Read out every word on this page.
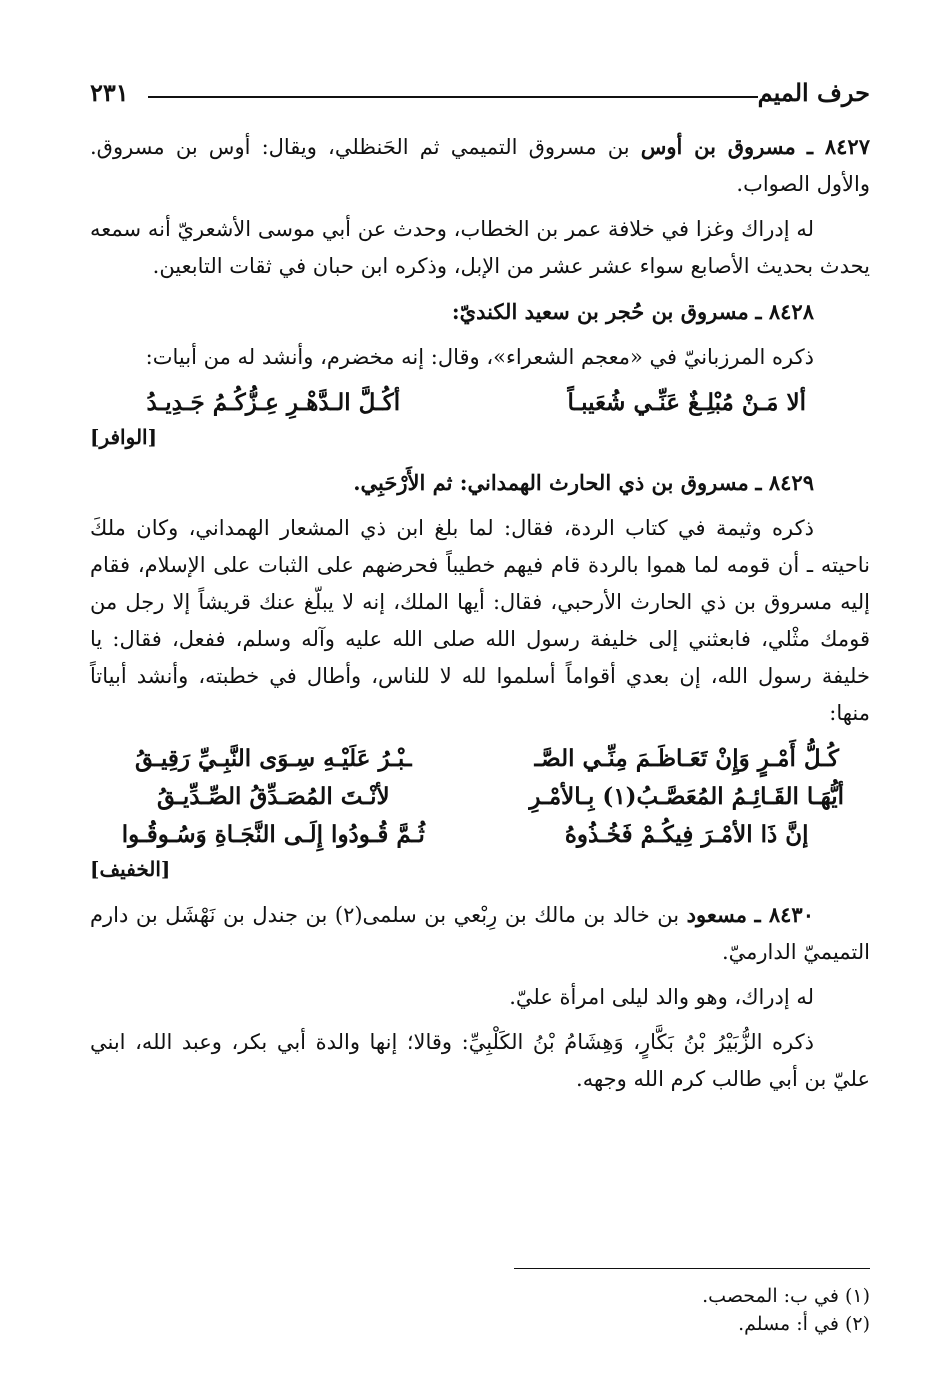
٢٣١	حرف الميم

٨٤٢٧ ـ مسروق بن أوس بن مسروق التميمي ثم الحَنظلي، ويقال: أوس بن مسروق. والأول الصواب.

له إدراك وغزا في خلافة عمر بن الخطاب، وحدث عن أبي موسى الأشعريّ أنه سمعه يحدث بحديث الأصابع سواء عشر عشر من الإبل، وذكره ابن حبان في ثقات التابعين.

٨٤٢٨ ـ مسروق بن حُجر بن سعيد الكنديّ:

ذكره المرزبانيّ في «معجم الشعراء»، وقال: إنه مخضرم، وأنشد له من أبيات:

ألا مَـنْ مُبْلِـغٌ عَنِّـي شُعَيبـاً
أكُـلَّ الـدَّهْـرِ عِـزُّكُـمُ جَـدِيـدُ
[الوافر]

٨٤٢٩ ـ مسروق بن ذي الحارث الهمداني: ثم الأَرْحَبِي.

ذكره وثيمة في كتاب الردة، فقال: لما بلغ ابن ذي المشعار الهمداني، وكان ملكَ ناحيته ـ أن قومه لما هموا بالردة قام فيهم خطيباً فحرضهم على الثبات على الإسلام، فقام إليه مسروق بن ذي الحارث الأرحبي، فقال: أيها الملك، إنه لا يبلّغ عنك قريشاً إلا رجل من قومك مثْلي، فابعثني إلى خليفة رسول الله صلى الله عليه وآله وسلم، ففعل، فقال: يا خليفة رسول الله، إن بعدي أقواماً أسلموا لله لا للناس، وأطال في خطبته، وأنشد أبياتاً منها:

كُـلُّ أَمْـرٍ وَإِنْ تَعَـاظَـمَ مِنِّـي الصَّـ
ـبْـرُ عَلَيْـهِ سِـوَى النَّبِـيِّ رَقِيـقُ
أيُّهَـا القَـائِـمُ المُعَصَّـبُ(١) بِـالأمْـرِ
لأنْـتَ المُصَـدِّقُ الصِّـدِّيـقُ
إنَّ ذَا الأمْـرَ فِيكُـمْ فَخُـذُوهُ
ثُـمَّ قُـودُوا إِلَـى النَّجَـاةِ وَسُـوقُـوا
[الخفيف]

٨٤٣٠ ـ مسعود بن خالد بن مالك بن رِبْعي بن سلمى(٢) بن جندل بن نَهْشَل بن دارم التميميّ الدارميّ.

له إدراك، وهو والد ليلى امرأة عليّ.

ذكره الزُّبَيْرُ بْنُ بَكَّارٍ، وَهِشَامُ بْنُ الكَلْبِيِّ: وقالا؛ إنها والدة أبي بكر، وعبد الله، ابني عليّ بن أبي طالب كرم الله وجهه.

(١) في ب: المحصب.
(٢) في أ: مسلم.
